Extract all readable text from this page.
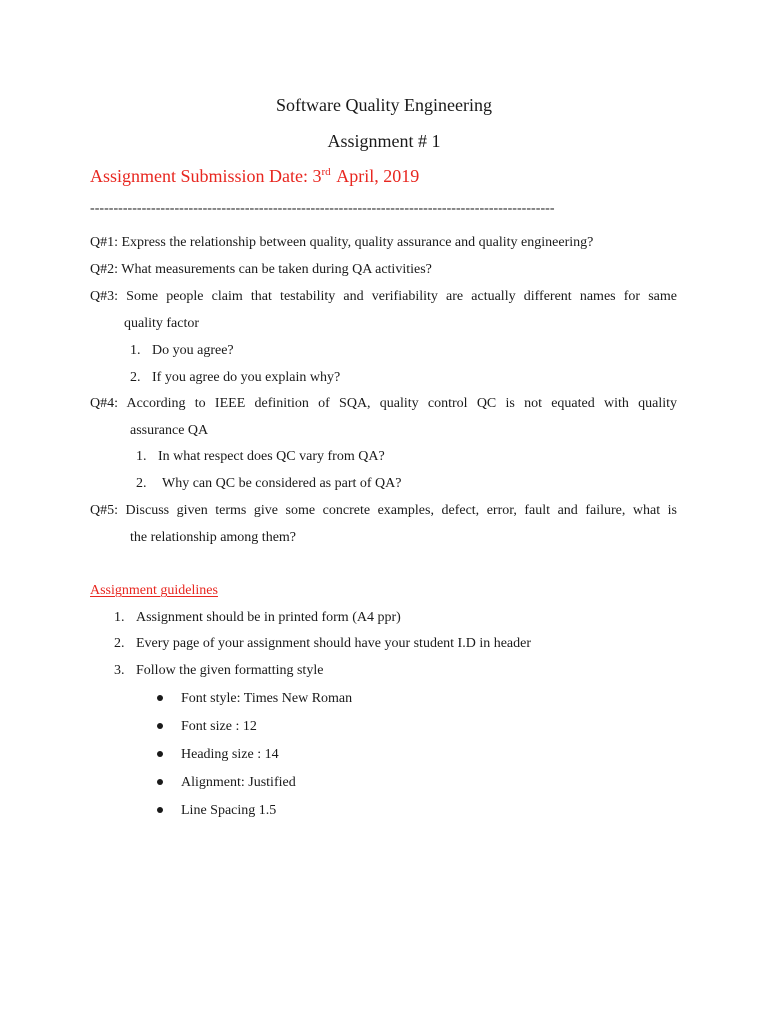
Software Quality Engineering
Assignment # 1
Assignment Submission Date: 3rd April, 2019
---------------------------------------------------------------------------------------------------
Q#1: Express the relationship between quality, quality assurance and quality engineering?
Q#2: What measurements can be taken during QA activities?
Q#3: Some people claim that testability and verifiability are actually different names for same
quality factor
1. Do you agree?
2. If you agree do you explain why?
Q#4: According to IEEE definition of SQA, quality control QC is not equated with quality
assurance QA
1. In what respect does QC vary from QA?
2. Why can QC be considered as part of QA?
Q#5: Discuss given terms give some concrete examples, defect, error, fault and failure, what is
the relationship among them?
Assignment guidelines
1. Assignment should be in printed form (A4 ppr)
2. Every page of your assignment should have your student I.D in header
3. Follow the given formatting style
Font style: Times New Roman
Font size : 12
Heading size : 14
Alignment: Justified
Line Spacing 1.5
